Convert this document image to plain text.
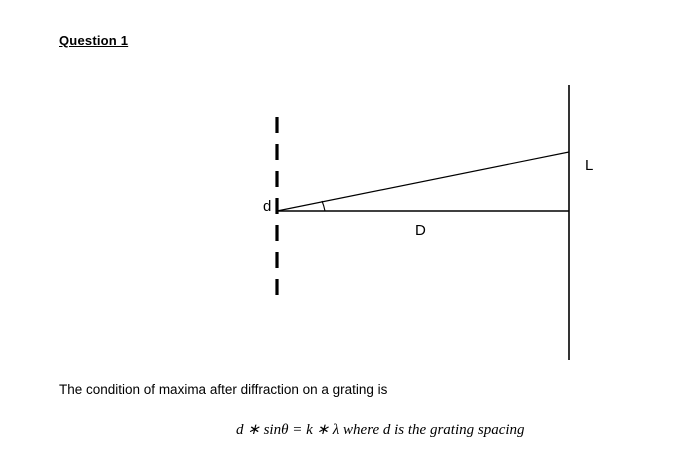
Question 1
d
D
L
The condition of maxima after diffraction on a grating is
d ∗ sinθ = k ∗ λ where d is the grating spacing
